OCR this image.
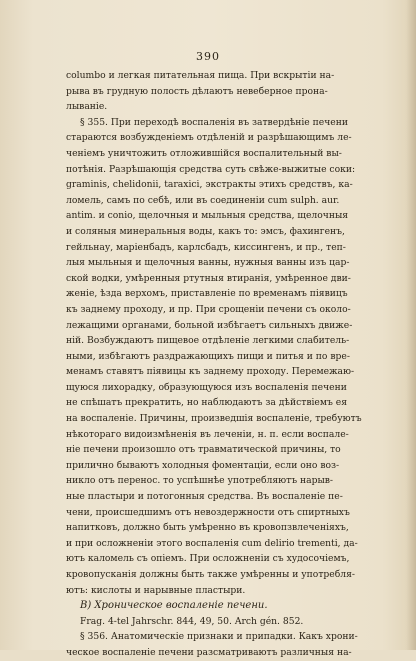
390
columbo и легкая питательная пища. При вскрытіи на-
рыва въ грудную полость дѣлаютъ невеберное прона-
лываніе.
§ 355. При переходѣ воспаленія въ затвердѣніе печени
стараются возбужденіемъ отдѣленій и разрѣшающимъ ле-
ченіемъ уничтожить отложившійся воспалительный вы-
потѣнія. Разрѣшающія средства суть свѣже-выжитые соки:
graminis, chelidonii, taraxici, экстракты этихъ средствъ, ка-
ломель, самъ по себѣ, или въ соединеніи cum sulph. aur.
antim. и conio, щелочныя и мыльныя средства, щелочныя
и соляныя минеральныя воды, какъ то: эмсъ, фахингенъ,
гейльнау, маріенбадъ, карлсбадъ, киссингенъ, и пр., теп-
лыя мыльныя и щелочныя ванны, нужныя ванны изъ цар-
ской водки, умѣренныя ртутныя втиранія, умѣренное дви-
женіе, ѣзда верхомъ, приставленіе по временамъ піявицъ
къ заднему проходу, и пр. При срощеніи печени съ около-
лежащими органами, больной избѣгаетъ сильныхъ движе-
ній. Возбуждаютъ пищевое отдѣленіе легкими слабитель-
ными, избѣгаютъ раздражающихъ пищи и питья и по вре-
менамъ ставятъ піявицы къ заднему проходу. Перемежаю-
щуюся лихорадку, образующуюся изъ воспаленія печени
не спѣшатъ прекратить, но наблюдаютъ за дѣйствіемъ ея
на воспаленіе. Причины, произведшія воспаленіе, требуютъ
нѣкотораго видоизмѣненія въ леченіи, н. п. если воспале-
ніе печени произошло отъ травматической причины, то
прилично бываютъ холодныя фоментаціи, если оно воз-
никло отъ перенос. то успѣшнѣе употребляютъ нарыв-
ные пластыри и потогонныя средства. Въ воспаленіе пе-
чени, происшедшимъ отъ невоздержности отъ спиртныхъ
напитковъ, должно быть умѣренно въ кровопзвлеченіяхъ,
и при осложненіи этого воспаленія cum delirio trementi, да-
ютъ каломель съ опіемъ. При осложненіи съ худосочіемъ,
кровопусканія должны быть также умѣренны и употребля-
ютъ: кислоты и нарывные пластыри.
В) Хроническое воспаленіе печени.
Frag. 4-tel Jahrschr. 844, 49, 50. Arch gén. 852.
§ 356. Анатомическіе признаки и припадки. Какъ хрони-
ческое воспаленіе печени разсматриваютъ различныя на-
